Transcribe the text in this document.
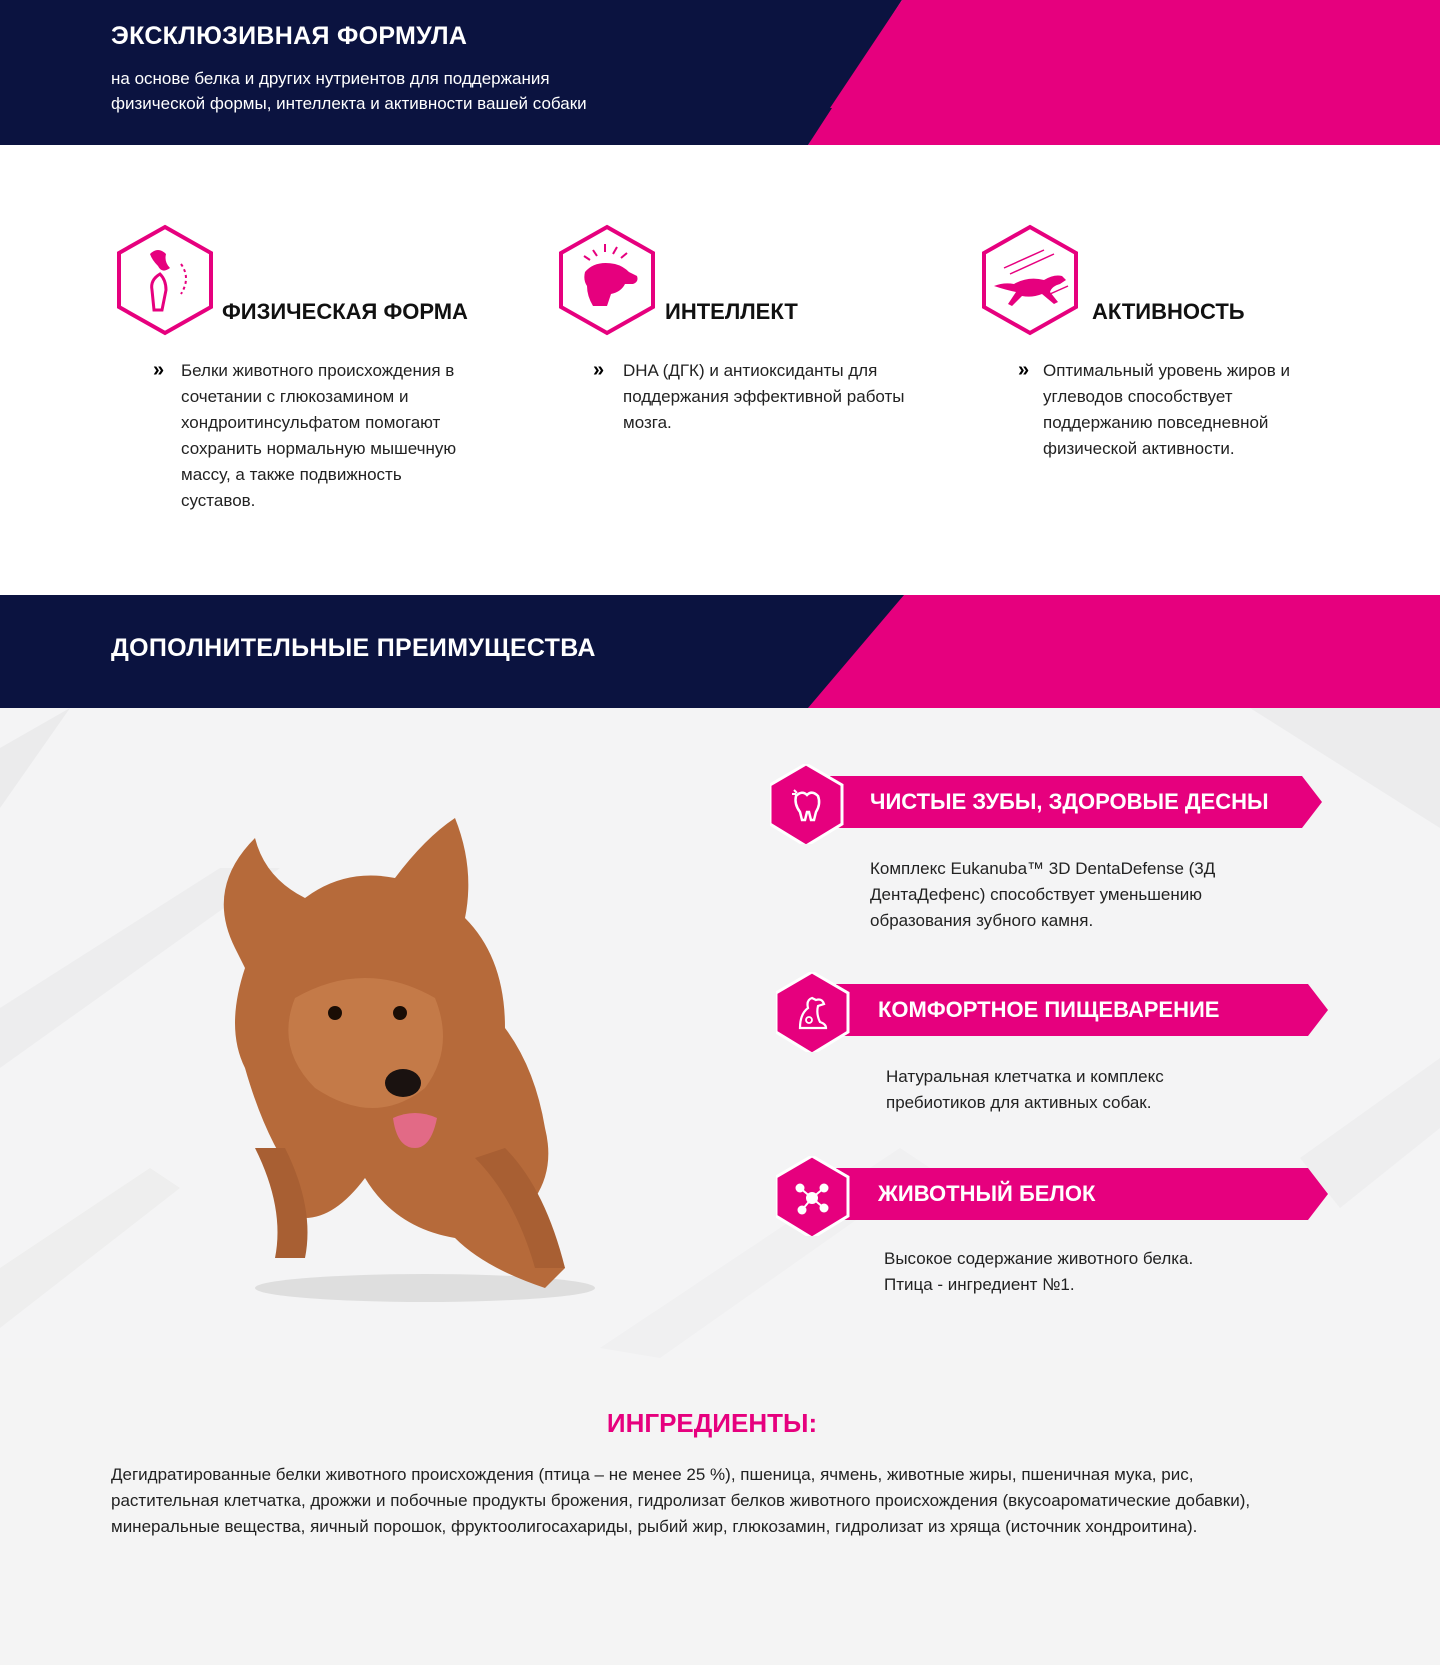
ЭКСКЛЮЗИВНАЯ ФОРМУЛА

на основе белка и других нутриентов для поддержания
физической формы, интеллекта и активности вашей собаки

ФИЗИЧЕСКАЯ ФОРМА
» Белки животного происхождения в сочетании с глюкозамином и хондроитинсульфатом помогают сохранить нормальную мышечную массу, а также подвижность суставов.

ИНТЕЛЛЕКТ
» DHA (ДГК) и антиоксиданты для поддержания эффективной работы мозга.

АКТИВНОСТЬ
» Оптимальный уровень жиров и углеводов способствует поддержанию повседневной физической активности.

ДОПОЛНИТЕЛЬНЫЕ ПРЕИМУЩЕСТВА
ЧИСТЫЕ ЗУБЫ, ЗДОРОВЫЕ ДЕСНЫ

Комплекс Eukanuba™ 3D DentaDefense (3Д ДентаДефенс) способствует уменьшению образования зубного камня.

КОМФОРТНОЕ ПИЩЕВАРЕНИЕ

Натуральная клетчатка и комплекс пребиотиков для активных собак.

ЖИВОТНЫЙ БЕЛОК

Высокое содержание животного белка. Птица - ингредиент №1.

ИНГРЕДИЕНТЫ:

Дегидратированные белки животного происхождения (птица – не менее 25 %), пшеница, ячмень, животные жиры, пшеничная мука, рис, растительная клетчатка, дрожжи и побочные продукты брожения, гидролизат белков животного происхождения (вкусоароматические добавки), минеральные вещества, яичный порошок, фруктоолигосахариды, рыбий жир, глюкозамин, гидролизат из хряща (источник хондроитина).
